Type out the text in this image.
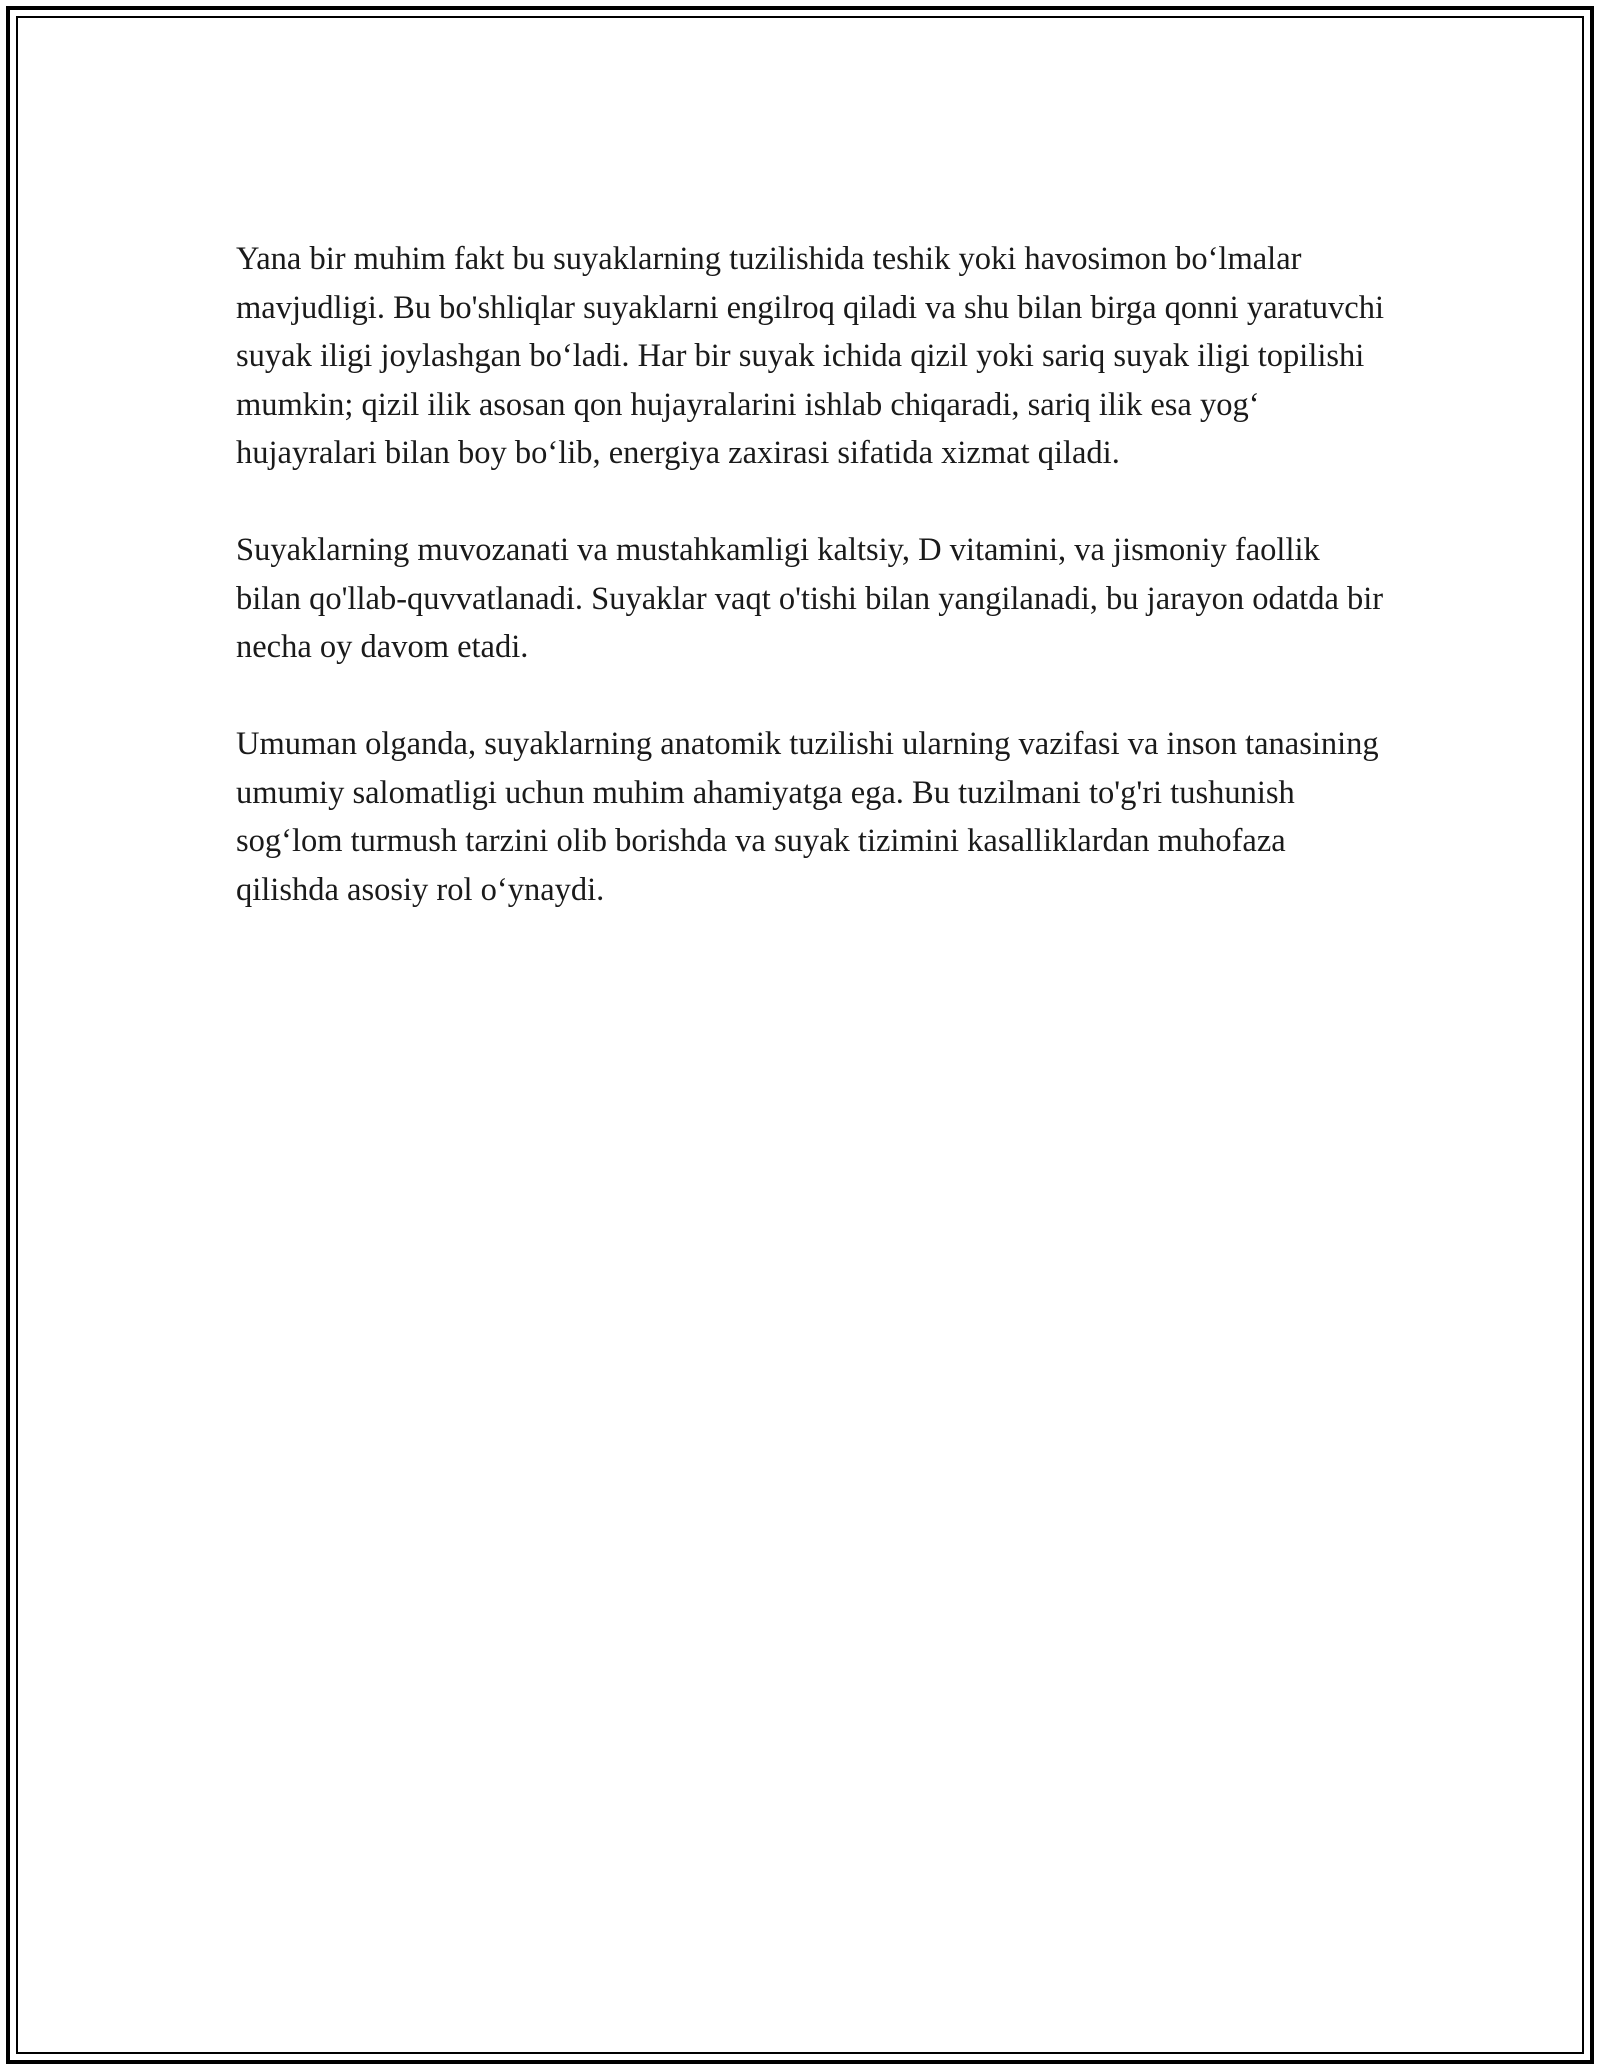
Yana bir muhim fakt bu suyaklarning tuzilishida teshik yoki havosimon bo‘lmalar mavjudligi. Bu bo'shliqlar suyaklarni engilroq qiladi va shu bilan birga qonni yaratuvchi suyak iligi joylashgan bo‘ladi. Har bir suyak ichida qizil yoki sariq suyak iligi topilishi mumkin; qizil ilik asosan qon hujayralarini ishlab chiqaradi, sariq ilik esa yog‘ hujayralari bilan boy bo‘lib, energiya zaxirasi sifatida xizmat qiladi.

Suyaklarning muvozanati va mustahkamligi kaltsiy, D vitamini, va jismoniy faollik bilan qo'llab-quvvatlanadi. Suyaklar vaqt o'tishi bilan yangilanadi, bu jarayon odatda bir necha oy davom etadi.

Umuman olganda, suyaklarning anatomik tuzilishi ularning vazifasi va inson tanasining umumiy salomatligi uchun muhim ahamiyatga ega. Bu tuzilmani to'g'ri tushunish sog‘lom turmush tarzini olib borishda va suyak tizimini kasalliklardan muhofaza qilishda asosiy rol o‘ynaydi.
